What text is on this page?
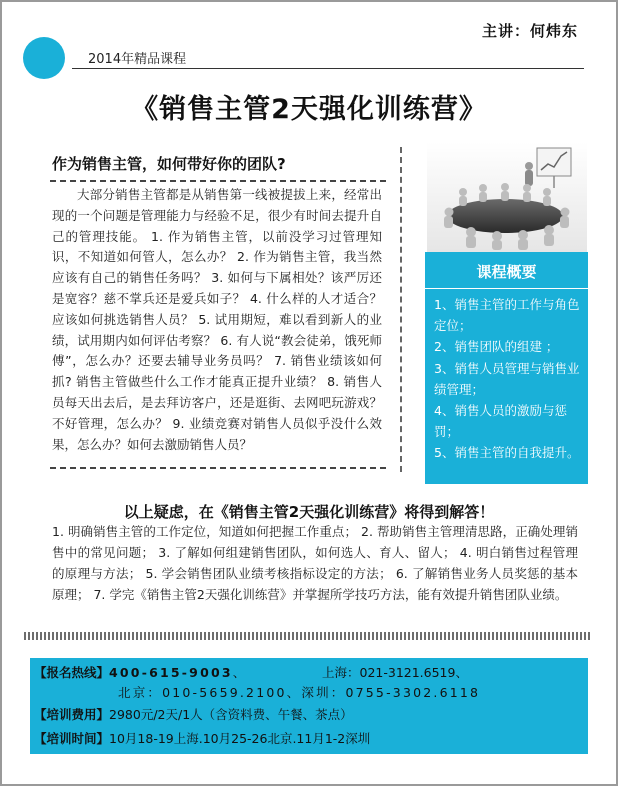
主讲：何炜东
2014年精品课程
《销售主管2天强化训练营》
作为销售主管，如何带好你的团队?
大部分销售主管都是从销售第一线被提拔上来，经常出现的一个问题是管理能力与经验不足，很少有时间去提升自己的管理技能。 1. 作为销售主管，以前没学习过管理知识，不知道如何管人，怎么办？ 2. 作为销售主管，我当然应该有自己的销售任务吗？ 3. 如何与下属相处？该严厉还是宽容？慈不掌兵还是爱兵如子？ 4. 什么样的人才适合？应该如何挑选销售人员？ 5. 试用期短，难以看到新人的业绩，试用期内如何评估考察？ 6. 有人说“教会徒弟，饿死师傅”，怎么办？还要去辅导业务员吗？ 7. 销售业绩该如何抓? 销售主管做些什么工作才能真正提升业绩？ 8. 销售人员每天出去后，是去拜访客户，还是逛街、去网吧玩游戏？不好管理，怎么办？ 9. 业绩竞赛对销售人员似乎没什么效果，怎么办？如何去激励销售人员？
课程概要
1、销售主管的工作与角色定位；
2、销售团队的组建 ；
3、销售人员管理与销售业绩管理；
4、销售人员的激励与惩罚；
5、销售主管的自我提升。
以上疑虑，在《销售主管2天强化训练营》将得到解答！
1. 明确销售主管的工作定位，知道如何把握工作重点； 2. 帮助销售主管理清思路，正确处理销售中的常见问题； 3. 了解如何组建销售团队，如何选人、育人、留人； 4. 明白销售过程管理的原理与方法； 5. 学会销售团队业绩考核指标设定的方法； 6. 了解销售业务人员奖惩的基本原理； 7. 学完《销售主管2天强化训练营》并掌握所学技巧方法，能有效提升销售团队业绩。
【报名热线】400-615-9003、	上海：021-3121.6519、
北京：010-5659.2100、深圳：0755-3302.6118
【培训费用】2980元/2天/1人（含资料费、午餐、茶点）
【培训时间】10月18-19上海.10月25-26北京.11月1-2深圳
